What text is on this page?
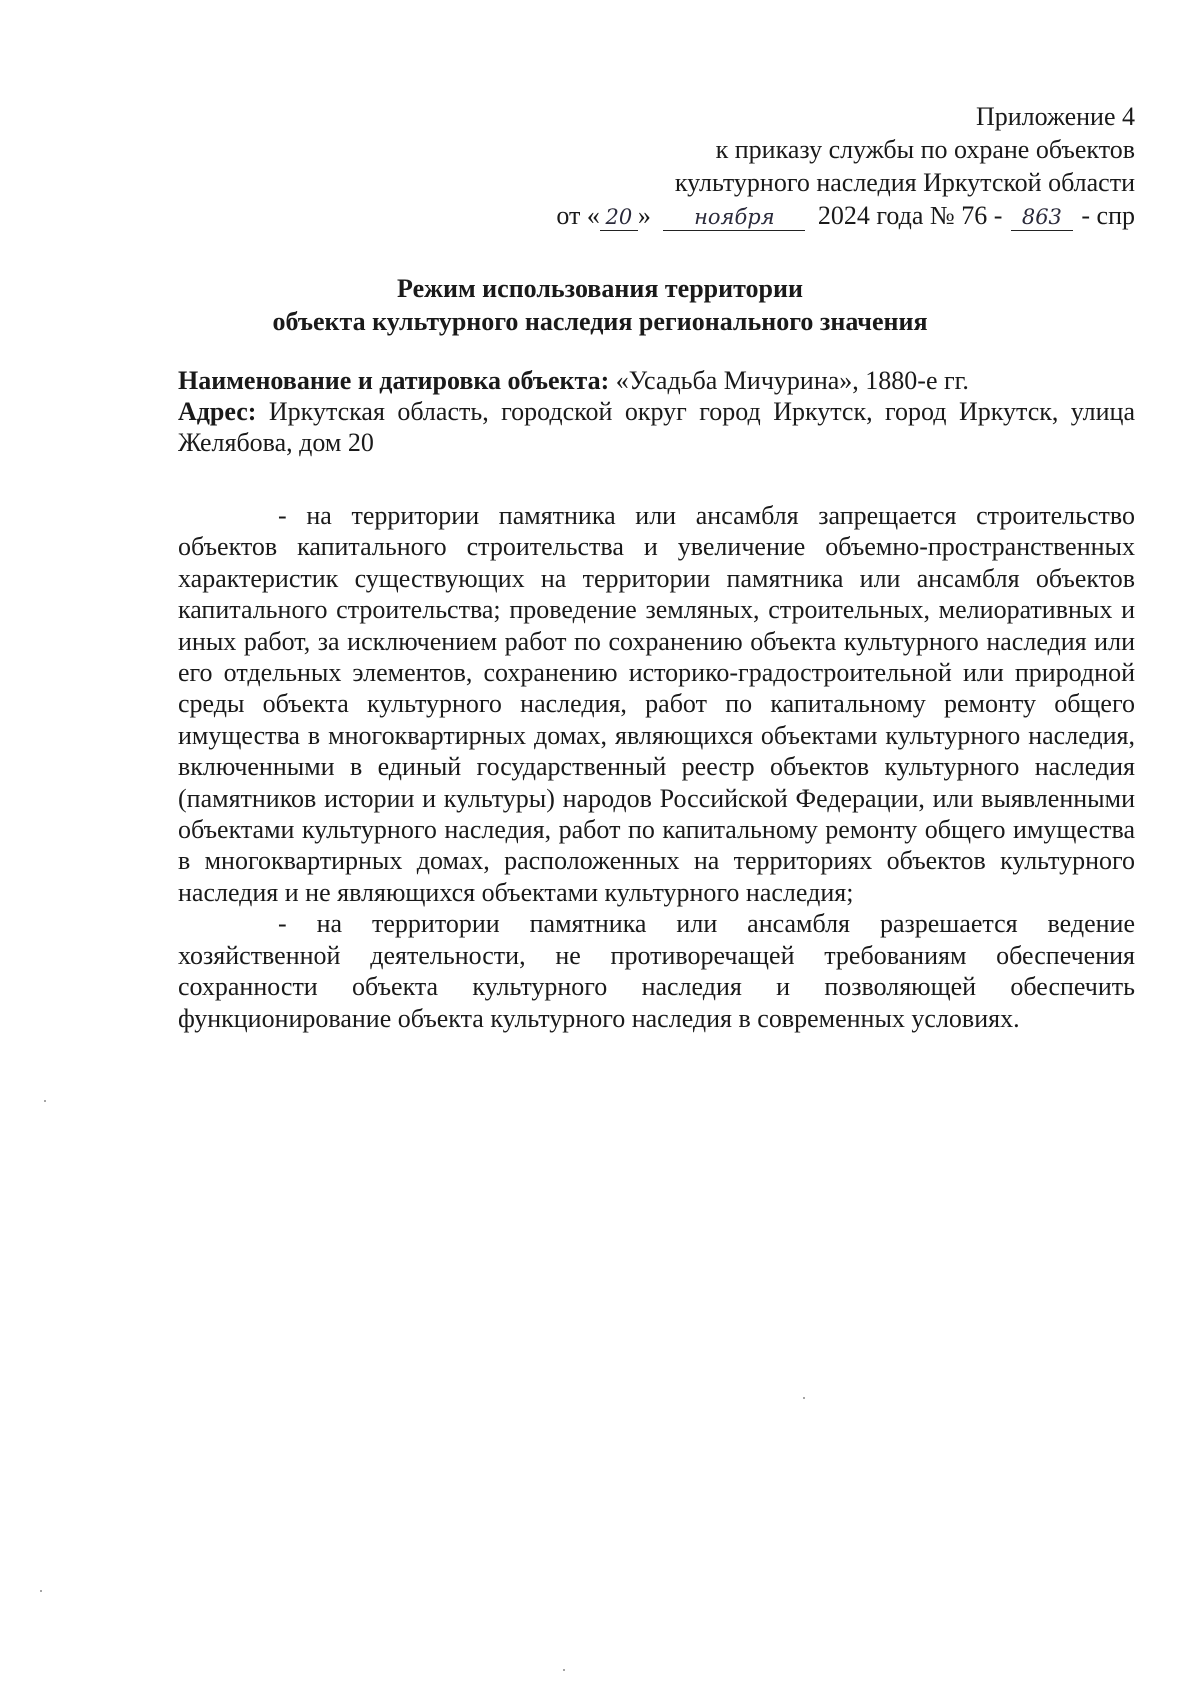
Приложение 4
к приказу службы по охране объектов
культурного наследия Иркутской области
от « 20 » ноября 2024 года № 76 - 863 - спр
Режим использования территории
объекта культурного наследия регионального значения
Наименование и датировка объекта: «Усадьба Мичурина», 1880-е гг.
Адрес: Иркутская область, городской округ город Иркутск, город Иркутск, улица Желябова, дом 20

- на территории памятника или ансамбля запрещается строительство объектов капитального строительства и увеличение объемно-пространственных характеристик существующих на территории памятника или ансамбля объектов капитального строительства; проведение земляных, строительных, мелиоративных и иных работ, за исключением работ по сохранению объекта культурного наследия или его отдельных элементов, сохранению историко-градостроительной или природной среды объекта культурного наследия, работ по капитальному ремонту общего имущества в многоквартирных домах, являющихся объектами культурного наследия, включенными в единый государственный реестр объектов культурного наследия (памятников истории и культуры) народов Российской Федерации, или выявленными объектами культурного наследия, работ по капитальному ремонту общего имущества в многоквартирных домах, расположенных на территориях объектов культурного наследия и не являющихся объектами культурного наследия;

- на территории памятника или ансамбля разрешается ведение хозяйственной деятельности, не противоречащей требованиям обеспечения сохранности объекта культурного наследия и позволяющей обеспечить функционирование объекта культурного наследия в современных условиях.
